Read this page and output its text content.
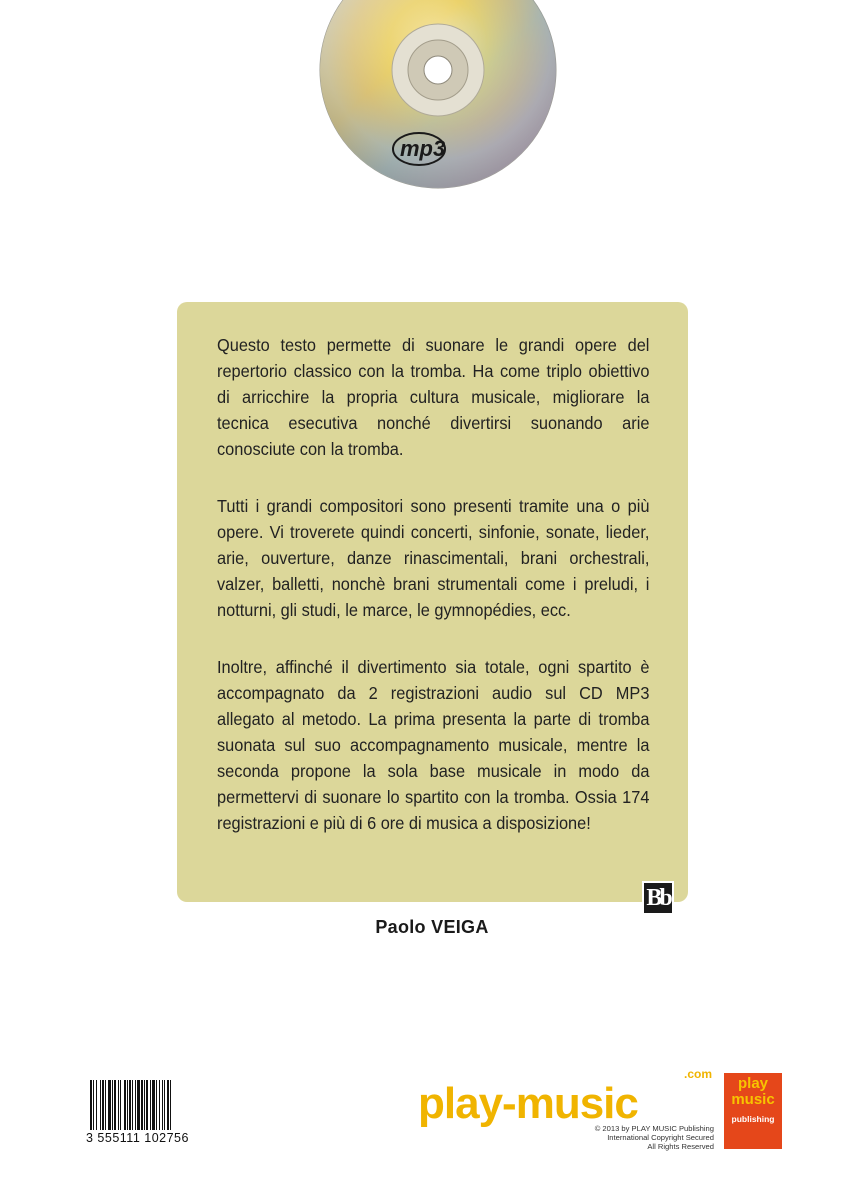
mp3

Questo testo permette di suonare le grandi opere del repertorio classico con la tromba. Ha come triplo obiettivo di arricchire la propria cultura musicale, migliorare la tecnica esecutiva nonché divertirsi suonando arie conosciute con la tromba.

Tutti i grandi compositori sono presenti tramite una o più opere. Vi troverete quindi concerti, sinfonie, sonate, lieder, arie, ouverture, danze rinascimentali, brani orchestrali, valzer, balletti, nonchè brani strumentali come i preludi, i notturni, gli studi, le marce, le gymnopédies, ecc.

Inoltre, affinché il divertimento sia totale, ogni spartito è accompagnato da 2 registrazioni audio sul CD MP3 allegato al metodo. La prima presenta la parte di tromba suonata sul suo accompagnamento musicale, mentre la seconda propone la sola base musicale in modo da permettervi di suonare lo spartito con la tromba. Ossia 174 registrazioni e più di 6 ore di musica a disposizione!

Bb
Paolo VEIGA
3 555111 102756
.com
play-music
© 2013 by PLAY MUSIC Publishing
International Copyright Secured
All Rights Reserved
play
music
publishing
